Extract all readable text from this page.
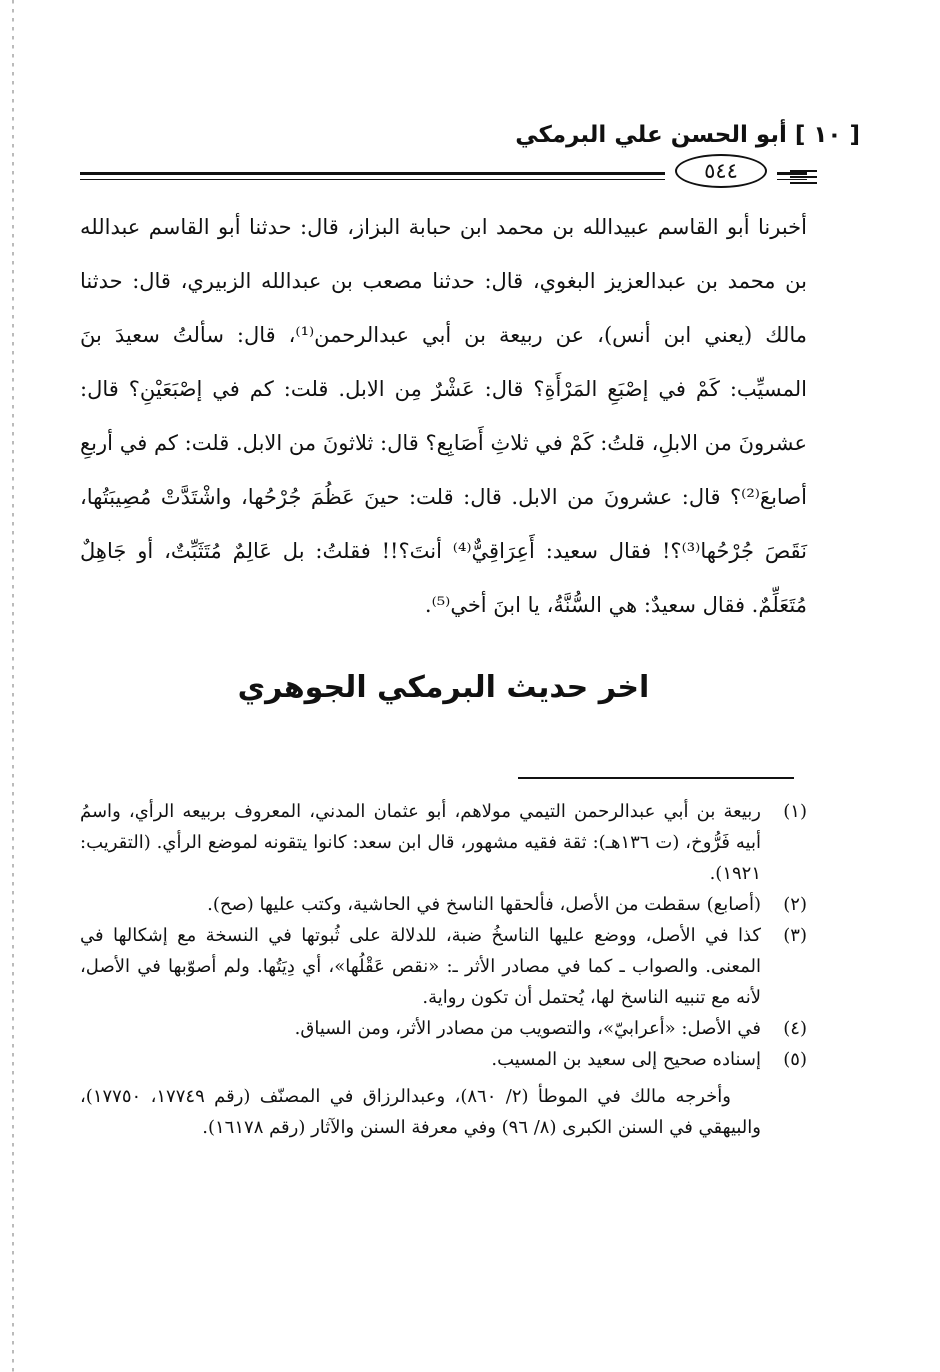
[ ١٠ ] أبو الحسن علي البرمكي
٥٤٤

أخبرنا أبو القاسم عبيدالله بن محمد ابن حبابة البزاز، قال: حدثنا أبو القاسم عبدالله بن محمد بن عبدالعزيز البغوي، قال: حدثنا مصعب بن عبدالله الزبيري، قال: حدثنا مالك (يعني ابن أنس)، عن ربيعة بن أبي عبدالرحمن⁽¹⁾، قال: سألتُ سعيدَ بنَ المسيِّب: كَمْ في إصْبَعِ المَرْأَةِ؟ قال: عَشْرٌ مِن الابل. قلت: كم في إصْبَعَيْنِ؟ قال: عشرونَ من الابلِ، قلتُ: كَمْ في ثلاثِ أَصَابِع؟ قال: ثلاثونَ من الابل. قلت: كم في أربعِ أصابعَ⁽²⁾؟ قال: عشرونَ من الابل. قال: قلت: حينَ عَظُمَ جُرْحُها، واشْتَدَّتْ مُصِيبَتُها، نَقَصَ جُرْحُها⁽³⁾؟! فقال سعيد: أَعِرَاقِيٌّ⁽⁴⁾ أنتَ؟!! فقلتُ: بل عَالِمٌ مُتَثَبِّتٌ، أو جَاهِلٌ مُتَعَلِّمٌ. فقال سعيدٌ: هي السُّنَّةُ، يا ابنَ أخي⁽⁵⁾.

اخر حديث البرمكي الجوهري
(١)
ربيعة بن أبي عبدالرحمن التيمي مولاهم، أبو عثمان المدني، المعروف بربيعه الرأي، واسمُ أبيه فَرُّوخ، (ت ١٣٦هـ): ثقة فقيه مشهور، قال ابن سعد: كانوا يتقونه لموضع الرأي. (التقريب: ١٩٢١).
(٢)
(أصابع) سقطت من الأصل، فألحقها الناسخ في الحاشية، وكتب عليها (صح).
(٣)
كذا في الأصل، ووضع عليها الناسخُ ضبة، للدلالة على ثُبوتها في النسخة مع إشكالها في المعنى. والصواب ـ كما في مصادر الأثر ـ: «نقص عَقْلُها»، أي دِيَتُها. ولم أصوّبها في الأصل، لأنه مع تنبيه الناسخ لها، يُحتمل أن تكون رواية.
(٤)
في الأصل: «أعرابيّ»، والتصويب من مصادر الأثر، ومن السياق.
(٥)
إسناده صحيح إلى سعيد بن المسيب.

وأخرجه مالك في الموطأ (٢/ ٨٦٠)، وعبدالرزاق في المصنّف (رقم ١٧٧٤٩، ١٧٧٥٠)، والبيهقي في السنن الكبرى (٨/ ٩٦) وفي معرفة السنن والآثار (رقم ١٦١٧٨).
